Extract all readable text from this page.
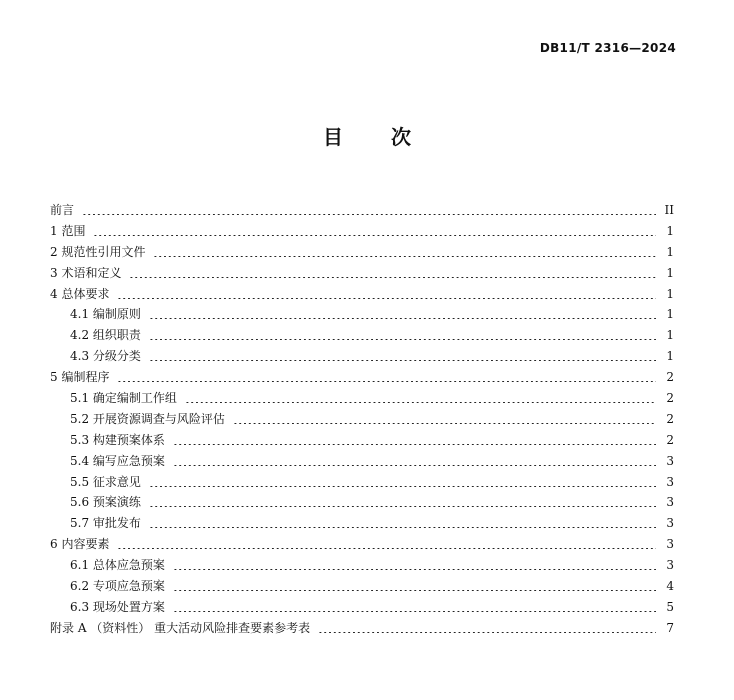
DB11/T 2316—2024
目 次
前言	II
1 范围	1
2 规范性引用文件	1
3 术语和定义	1
4 总体要求	1
4.1 编制原则	1
4.2 组织职责	1
4.3 分级分类	1
5 编制程序	2
5.1 确定编制工作组	2
5.2 开展资源调查与风险评估	2
5.3 构建预案体系	2
5.4 编写应急预案	3
5.5 征求意见	3
5.6 预案演练	3
5.7 审批发布	3
6 内容要素	3
6.1 总体应急预案	3
6.2 专项应急预案	4
6.3 现场处置方案	5
附录 A （资料性） 重大活动风险排查要素参考表	7
